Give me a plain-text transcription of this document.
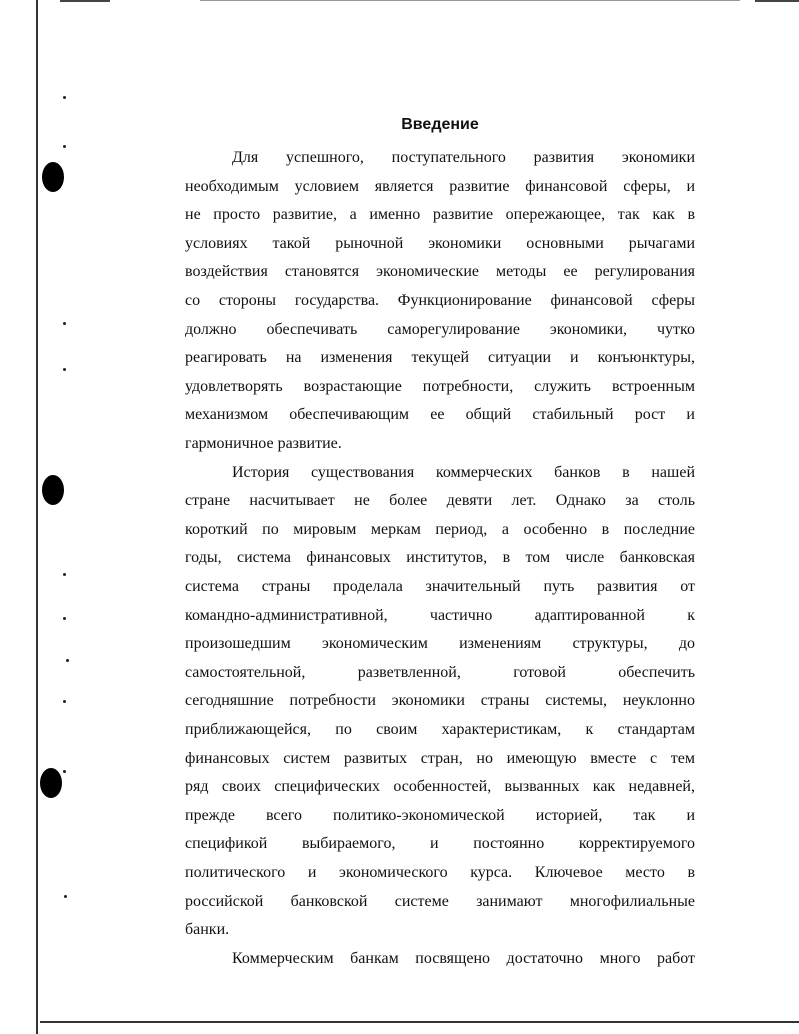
Введение
Для успешного, поступательного развития экономики
необходимым условием является развитие финансовой сферы, и
не просто развитие, а именно развитие опережающее, так как в
условиях такой рыночной экономики основными рычагами
воздействия становятся экономические методы ее регулирования
со стороны государства. Функционирование финансовой сферы
должно обеспечивать саморегулирование экономики, чутко
реагировать на изменения текущей ситуации и конъюнктуры,
удовлетворять возрастающие потребности, служить встроенным
механизмом обеспечивающим ее общий стабильный рост и
гармоничное развитие.
История существования коммерческих банков в нашей
стране насчитывает не более девяти лет. Однако за столь
короткий по мировым меркам период, а особенно в последние
годы, система финансовых институтов, в том числе банковская
система страны проделала значительный путь развития от
командно-административной, частично адаптированной к
произошедшим экономическим изменениям структуры, до
самостоятельной, разветвленной, готовой обеспечить
сегодняшние потребности экономики страны системы, неуклонно
приближающейся, по своим характеристикам, к стандартам
финансовых систем развитых стран, но имеющую вместе с тем
ряд своих специфических особенностей, вызванных как недавней,
прежде всего политико-экономической историей, так и
спецификой выбираемого, и постоянно корректируемого
политического и экономического курса. Ключевое место в
российской банковской системе занимают многофилиальные
банки.
Коммерческим банкам посвящено достаточно много работ
